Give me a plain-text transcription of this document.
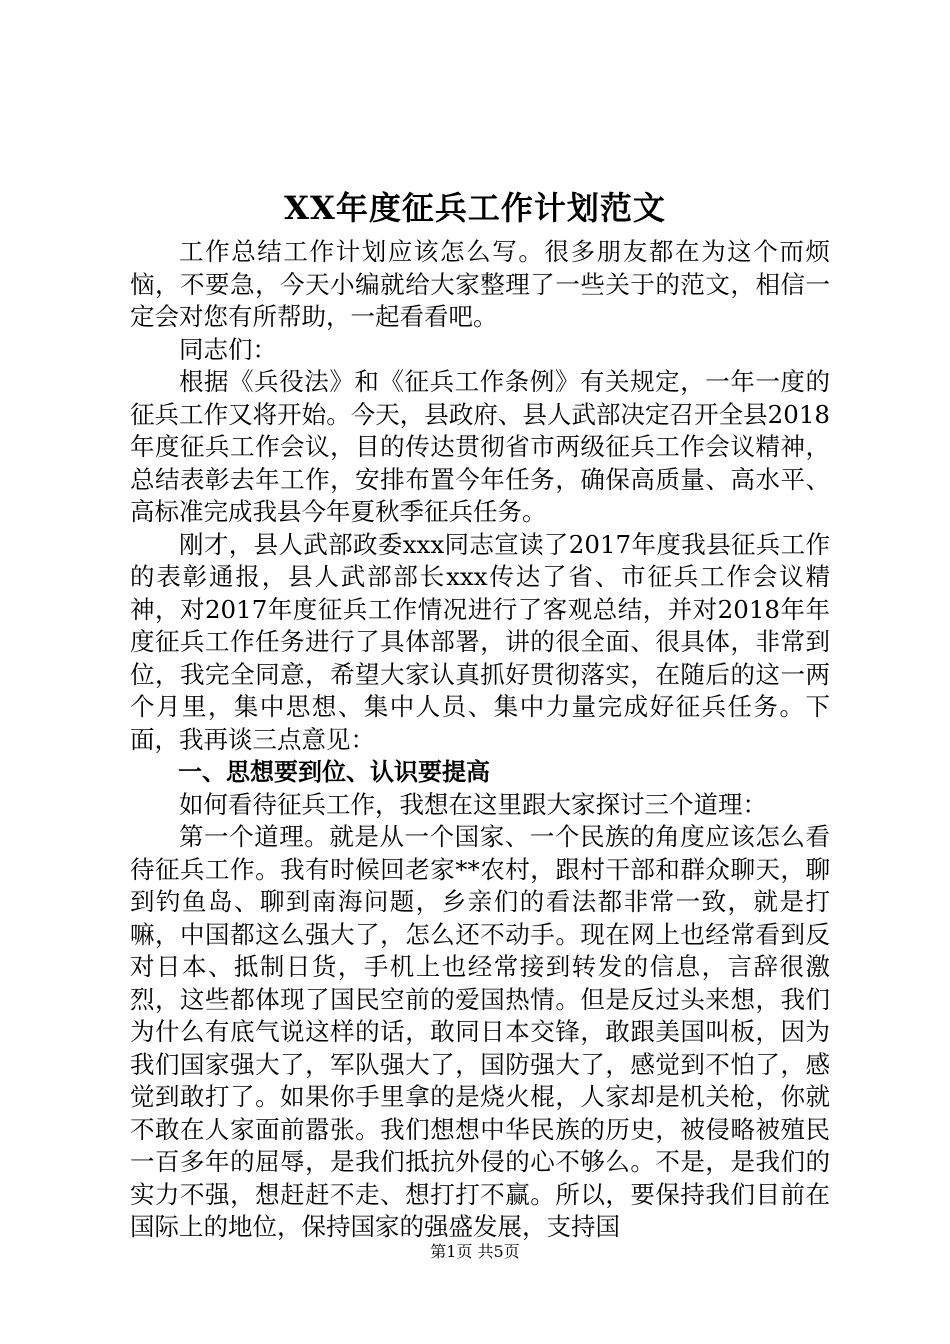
XX年度征兵工作计划范文

工作总结工作计划应该怎么写。很多朋友都在为这个而烦恼，不要急，今天小编就给大家整理了一些关于的范文，相信一定会对您有所帮助，一起看看吧。

同志们：

根据《兵役法》和《征兵工作条例》有关规定，一年一度的征兵工作又将开始。今天，县政府、县人武部决定召开全县2018年度征兵工作会议，目的传达贯彻省市两级征兵工作会议精神，总结表彰去年工作，安排布置今年任务，确保高质量、高水平、高标准完成我县今年夏秋季征兵任务。

刚才，县人武部政委xxx同志宣读了2017年度我县征兵工作的表彰通报，县人武部部长xxx传达了省、市征兵工作会议精神，对2017年度征兵工作情况进行了客观总结，并对2018年年度征兵工作任务进行了具体部署，讲的很全面、很具体，非常到位，我完全同意，希望大家认真抓好贯彻落实，在随后的这一两个月里，集中思想、集中人员、集中力量完成好征兵任务。下面，我再谈三点意见：

一、思想要到位、认识要提高

如何看待征兵工作，我想在这里跟大家探讨三个道理：

第一个道理。就是从一个国家、一个民族的角度应该怎么看待征兵工作。我有时候回老家**农村，跟村干部和群众聊天，聊到钓鱼岛、聊到南海问题，乡亲们的看法都非常一致，就是打嘛，中国都这么强大了，怎么还不动手。现在网上也经常看到反对日本、抵制日货，手机上也经常接到转发的信息，言辞很激烈，这些都体现了国民空前的爱国热情。但是反过头来想，我们为什么有底气说这样的话，敢同日本交锋，敢跟美国叫板，因为我们国家强大了，军队强大了，国防强大了，感觉到不怕了，感觉到敢打了。如果你手里拿的是烧火棍，人家却是机关枪，你就不敢在人家面前嚣张。我们想想中华民族的历史，被侵略被殖民一百多年的屈辱，是我们抵抗外侵的心不够么。不是，是我们的实力不强，想赶赶不走、想打打不赢。所以，要保持我们目前在国际上的地位，保持国家的强盛发展，支持国

第1页 共5页
